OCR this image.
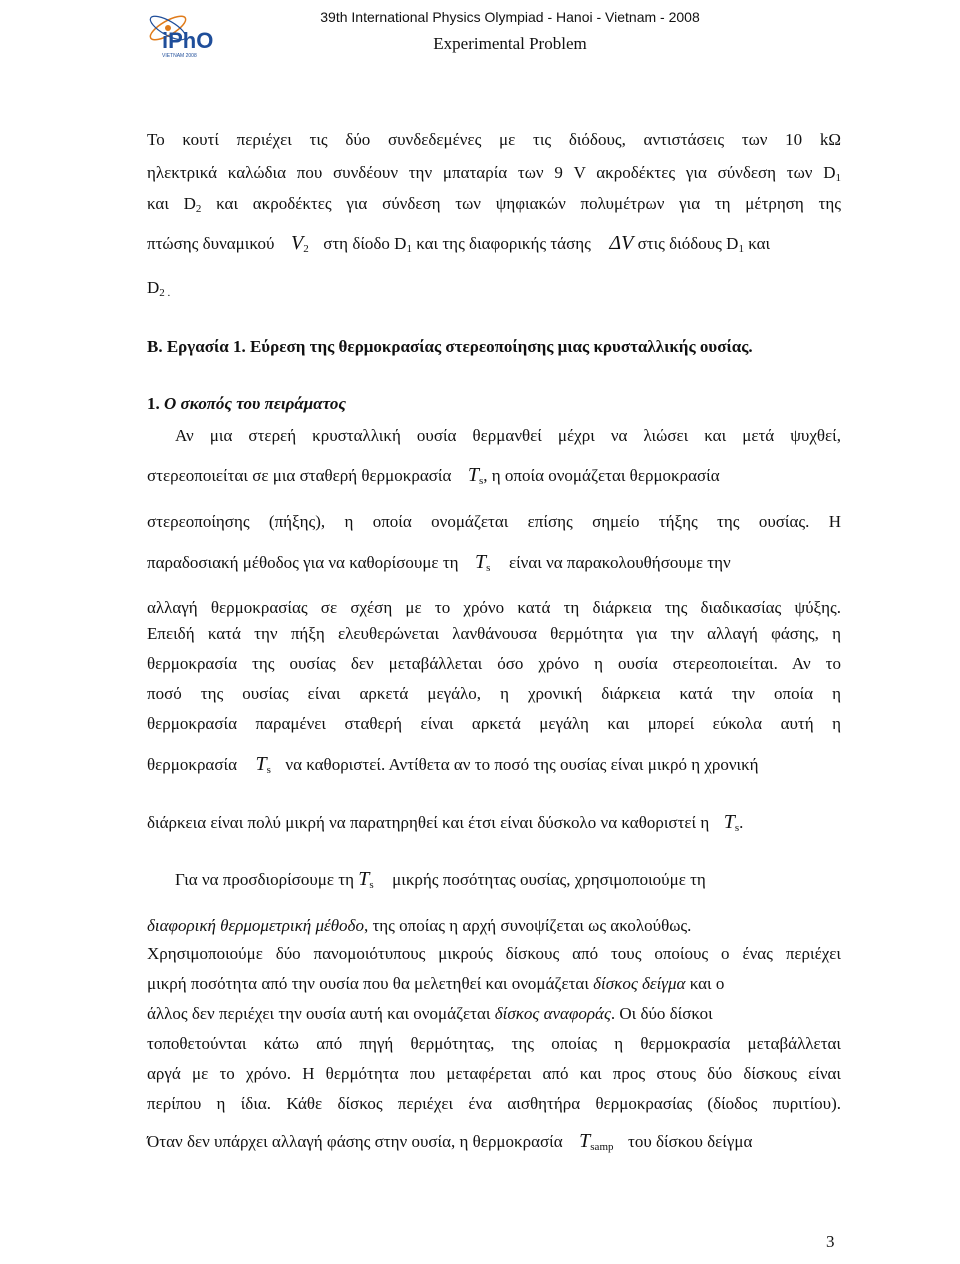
iPhO
VIETNAM 2008
39th International Physics Olympiad - Hanoi - Vietnam - 2008
Experimental Problem
Το κουτί περιέχει τις δύο συνδεδεμένες με τις διόδους, αντιστάσεις των 10 kΩ
ηλεκτρικά καλώδια που συνδέουν την μπαταρία των 9 V ακροδέκτες για σύνδεση των $D_1$
και $D_2$ και ακροδέκτες για σύνδεση των ψηφιακών πολυμέτρων για τη μέτρηση της
πτώσης δυναμικού $V_2$ στη δίοδο $D_1$ και της διαφορικής τάσης ΔV στις διόδους $D_1$ και
$D_{2 .}$
B. Εργασία 1. Εύρεση της θερμοκρασίας στερεοποίησης μιας κρυσταλλικής ουσίας.
1. Ο σκοπός του πειράματος
Αν μια στερεή κρυσταλλική ουσία θερμανθεί μέχρι να λιώσει και μετά ψυχθεί,
στερεοποιείται σε μια σταθερή θερμοκρασία $T_s$, η οποία ονομάζεται θερμοκρασία
στερεοποίησης (πήξης), η οποία ονομάζεται επίσης σημείο τήξης της ουσίας. Η
παραδοσιακή μέθοδος για να καθορίσουμε τη $T_s$ είναι να παρακολουθήσουμε την
αλλαγή θερμοκρασίας σε σχέση με το χρόνο κατά τη διάρκεια της διαδικασίας ψύξης.
Επειδή κατά την πήξη ελευθερώνεται λανθάνουσα θερμότητα για την αλλαγή φάσης, η
θερμοκρασία της ουσίας δεν μεταβάλλεται όσο χρόνο η ουσία στερεοποιείται. Αν το
ποσό της ουσίας είναι αρκετά μεγάλο, η χρονική διάρκεια κατά την οποία η
θερμοκρασία παραμένει σταθερή είναι αρκετά μεγάλη και μπορεί εύκολα αυτή η
θερμοκρασία $T_s$ να καθοριστεί. Αντίθετα αν το ποσό της ουσίας είναι μικρό η χρονική
διάρκεια είναι πολύ μικρή να παρατηρηθεί και έτσι είναι δύσκολο να καθοριστεί η $T_s$.
Για να προσδιορίσουμε τη $T_s$ μικρής ποσότητας ουσίας, χρησιμοποιούμε τη
διαφορική θερμομετρική μέθοδο, της οποίας η αρχή συνοψίζεται ως ακολούθως.
Χρησιμοποιούμε δύο πανομοιότυπους μικρούς δίσκους από τους οποίους ο ένας περιέχει
μικρή ποσότητα από την ουσία που θα μελετηθεί και ονομάζεται δίσκος δείγμα και ο
άλλος δεν περιέχει την ουσία αυτή και ονομάζεται δίσκος αναφοράς. Οι δύο δίσκοι
τοποθετούνται κάτω από πηγή θερμότητας, της οποίας η θερμοκρασία μεταβάλλεται
αργά με το χρόνο. Η θερμότητα που μεταφέρεται από και προς στους δύο δίσκους είναι
περίπου η ίδια. Κάθε δίσκος περιέχει ένα αισθητήρα θερμοκρασίας (δίοδος πυριτίου).
Όταν δεν υπάρχει αλλαγή φάσης στην ουσία, η θερμοκρασία $T_{samp}$ του δίσκου δείγμα
3
